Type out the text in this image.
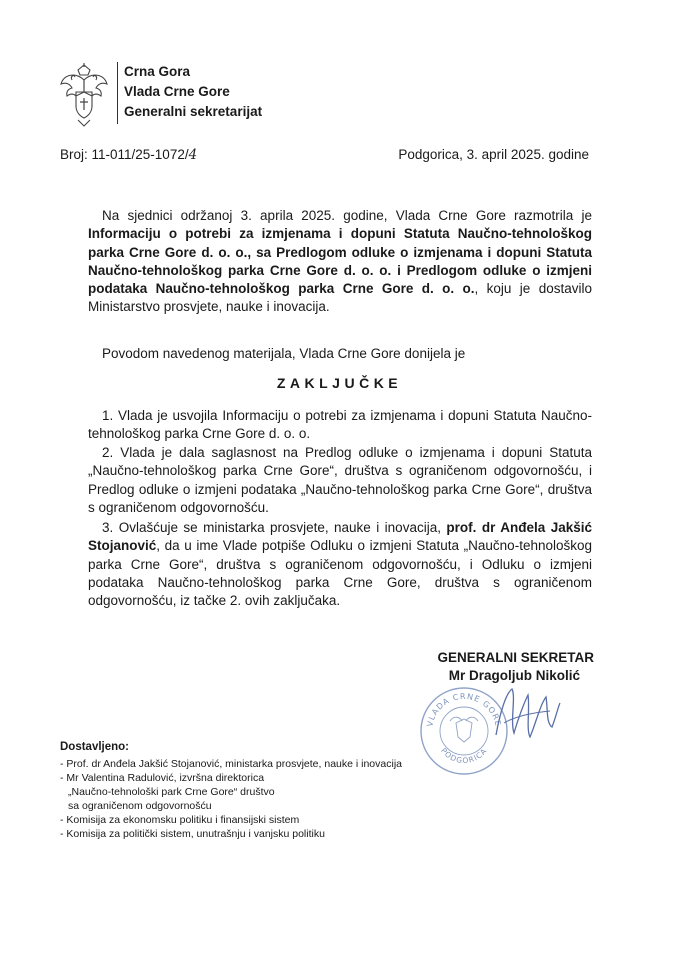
Crna Gora
Vlada Crne Gore
Generalni sekretarijat
Broj: 11-011/25-1072/4	Podgorica, 3. april 2025. godine
Na sjednici održanoj 3. aprila 2025. godine, Vlada Crne Gore razmotrila je Informaciju o potrebi za izmjenama i dopuni Statuta Naučno-tehnološkog parka Crne Gore d. o. o., sa Predlogom odluke o izmjenama i dopuni Statuta Naučno-tehnološkog parka Crne Gore d. o. o. i Predlogom odluke o izmjeni podataka Naučno-tehnološkog parka Crne Gore d. o. o., koju je dostavilo Ministarstvo prosvjete, nauke i inovacija.
Povodom navedenog materijala, Vlada Crne Gore donijela je
ZAKLJUČKE
1. Vlada je usvojila Informaciju o potrebi za izmjenama i dopuni Statuta Naučno-tehnološkog parka Crne Gore d. o. o.
2. Vlada je dala saglasnost na Predlog odluke o izmjenama i dopuni Statuta „Naučno-tehnološkog parka Crne Gore“, društva s ograničenom odgovornošću, i Predlog odluke o izmjeni podataka „Naučno-tehnološkog parka Crne Gore“, društva s ograničenom odgovornošću.
3. Ovlašćuje se ministarka prosvjete, nauke i inovacija, prof. dr Anđela Jakšić Stojanović, da u ime Vlade potpiše Odluku o izmjeni Statuta „Naučno-tehnološkog parka Crne Gore“, društva s ograničenom odgovornošću, i Odluku o izmjeni podataka Naučno-tehnološkog parka Crne Gore, društva s ograničenom odgovornošću, iz tačke 2. ovih zaključaka.
GENERALNI SEKRETAR
Mr Dragoljub Nikolić
VLADA CRNE GORE
PODGORICA
Dostavljeno:
- Prof. dr Anđela Jakšić Stojanović, ministarka prosvjete, nauke i inovacija
- Mr Valentina Radulović, izvršna direktorica
„Naučno-tehnološki park Crne Gore“ društvo
sa ograničenom odgovornošću
- Komisija za ekonomsku politiku i finansijski sistem
- Komisija za politički sistem, unutrašnju i vanjsku politiku
